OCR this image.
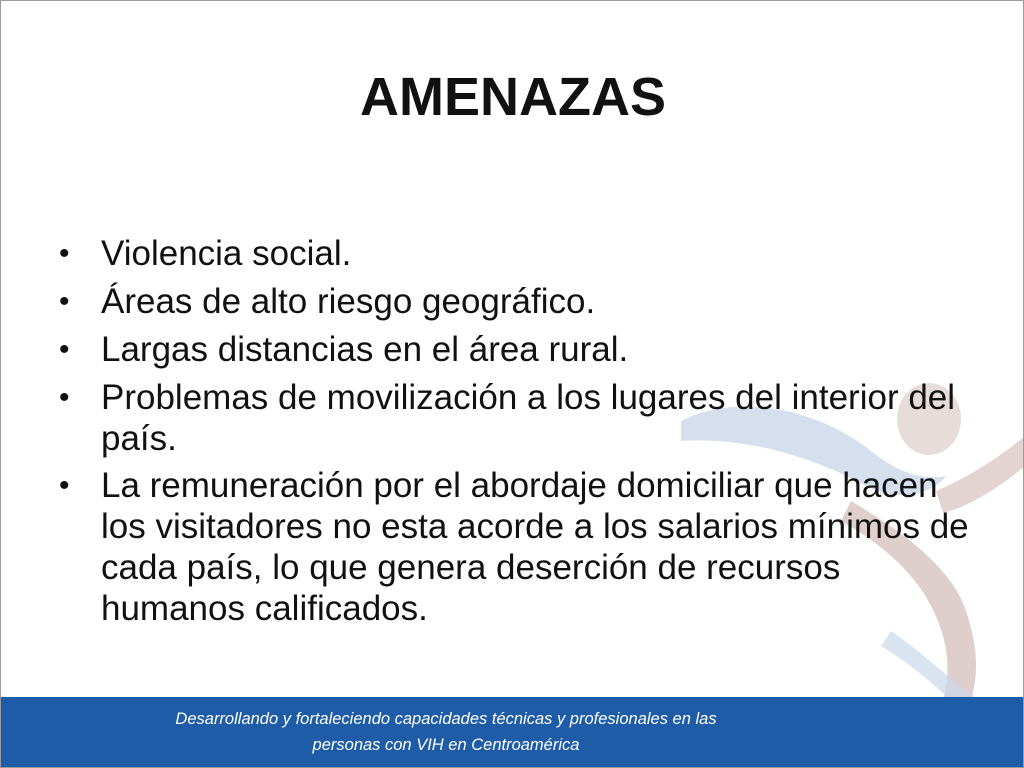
AMENAZAS
• Violencia social.
• Áreas de alto riesgo geográfico.
• Largas distancias en el área rural.
• Problemas de movilización a los lugares del interior del país.
• La remuneración por el abordaje domiciliar que hacen los visitadores no esta acorde a los salarios mínimos de cada país, lo que genera deserción de recursos humanos calificados.

Desarrollando y fortaleciendo capacidades técnicas y profesionales en las

personas con VIH en Centroamérica
